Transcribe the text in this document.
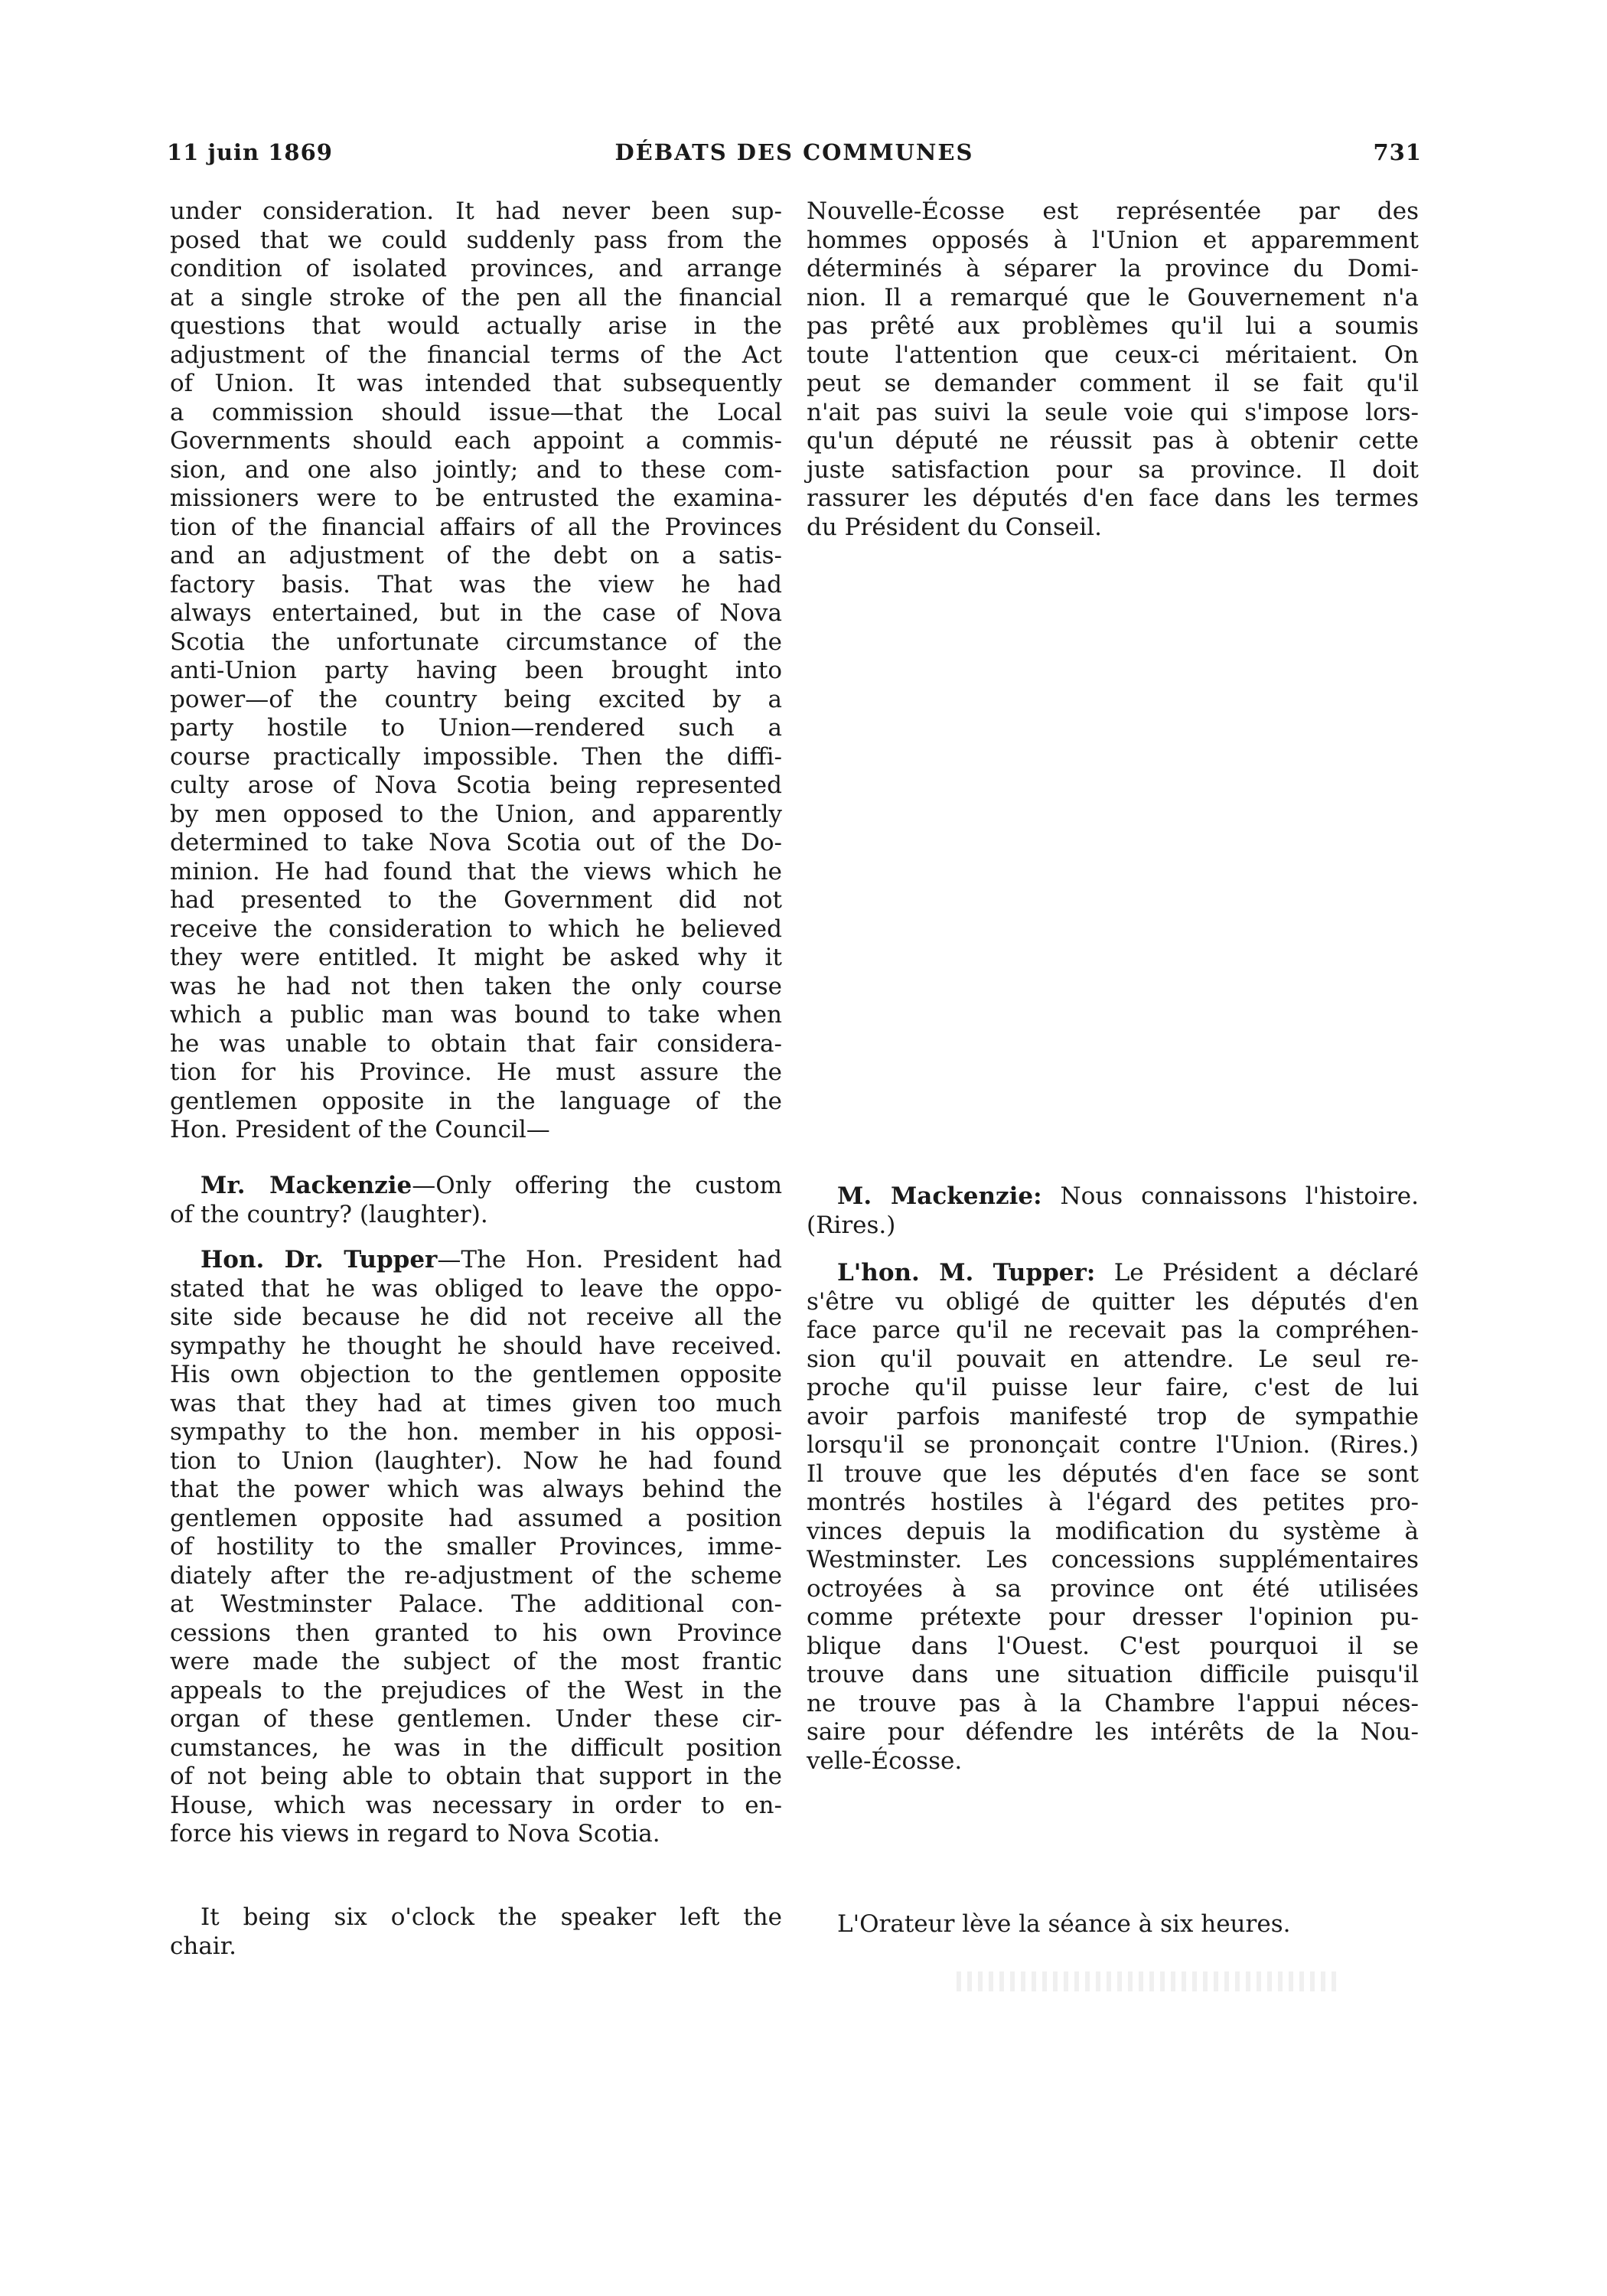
11 juin 1869	DÉBATS DES COMMUNES	731

under consideration. It had never been sup-
posed that we could suddenly pass from the
condition of isolated provinces, and arrange
at a single stroke of the pen all the financial
questions that would actually arise in the
adjustment of the financial terms of the Act
of Union. It was intended that subsequently
a commission should issue—that the Local
Governments should each appoint a commis-
sion, and one also jointly; and to these com-
missioners were to be entrusted the examina-
tion of the financial affairs of all the Provinces
and an adjustment of the debt on a satis-
factory basis. That was the view he had
always entertained, but in the case of Nova
Scotia the unfortunate circumstance of the
anti-Union party having been brought into
power—of the country being excited by a
party hostile to Union—rendered such a
course practically impossible. Then the diffi-
culty arose of Nova Scotia being represented
by men opposed to the Union, and apparently
determined to take Nova Scotia out of the Do-
minion. He had found that the views which he
had presented to the Government did not
receive the consideration to which he believed
they were entitled. It might be asked why it
was he had not then taken the only course
which a public man was bound to take when
he was unable to obtain that fair considera-
tion for his Province. He must assure the
gentlemen opposite in the language of the
Hon. President of the Council—

Mr. Mackenzie—Only offering the custom
of the country? (laughter).

Hon. Dr. Tupper—The Hon. President had
stated that he was obliged to leave the oppo-
site side because he did not receive all the
sympathy he thought he should have received.
His own objection to the gentlemen opposite
was that they had at times given too much
sympathy to the hon. member in his opposi-
tion to Union (laughter). Now he had found
that the power which was always behind the
gentlemen opposite had assumed a position
of hostility to the smaller Provinces, imme-
diately after the re-adjustment of the scheme
at Westminster Palace. The additional con-
cessions then granted to his own Province
were made the subject of the most frantic
appeals to the prejudices of the West in the
organ of these gentlemen. Under these cir-
cumstances, he was in the difficult position
of not being able to obtain that support in the
House, which was necessary in order to en-
force his views in regard to Nova Scotia.

It being six o'clock the speaker left the
chair.

Nouvelle-Écosse est représentée par des
hommes opposés à l'Union et apparemment
déterminés à séparer la province du Domi-
nion. Il a remarqué que le Gouvernement n'a
pas prêté aux problèmes qu'il lui a soumis
toute l'attention que ceux-ci méritaient. On
peut se demander comment il se fait qu'il
n'ait pas suivi la seule voie qui s'impose lors-
qu'un député ne réussit pas à obtenir cette
juste satisfaction pour sa province. Il doit
rassurer les députés d'en face dans les termes
du Président du Conseil.

M. Mackenzie: Nous connaissons l'histoire.
(Rires.)

L'hon. M. Tupper: Le Président a déclaré
s'être vu obligé de quitter les députés d'en
face parce qu'il ne recevait pas la compréhen-
sion qu'il pouvait en attendre. Le seul re-
proche qu'il puisse leur faire, c'est de lui
avoir parfois manifesté trop de sympathie
lorsqu'il se prononçait contre l'Union. (Rires.)
Il trouve que les députés d'en face se sont
montrés hostiles à l'égard des petites pro-
vinces depuis la modification du système à
Westminster. Les concessions supplémentaires
octroyées à sa province ont été utilisées
comme prétexte pour dresser l'opinion pu-
blique dans l'Ouest. C'est pourquoi il se
trouve dans une situation difficile puisqu'il
ne trouve pas à la Chambre l'appui néces-
saire pour défendre les intérêts de la Nou-
velle-Écosse.

L'Orateur lève la séance à six heures.
